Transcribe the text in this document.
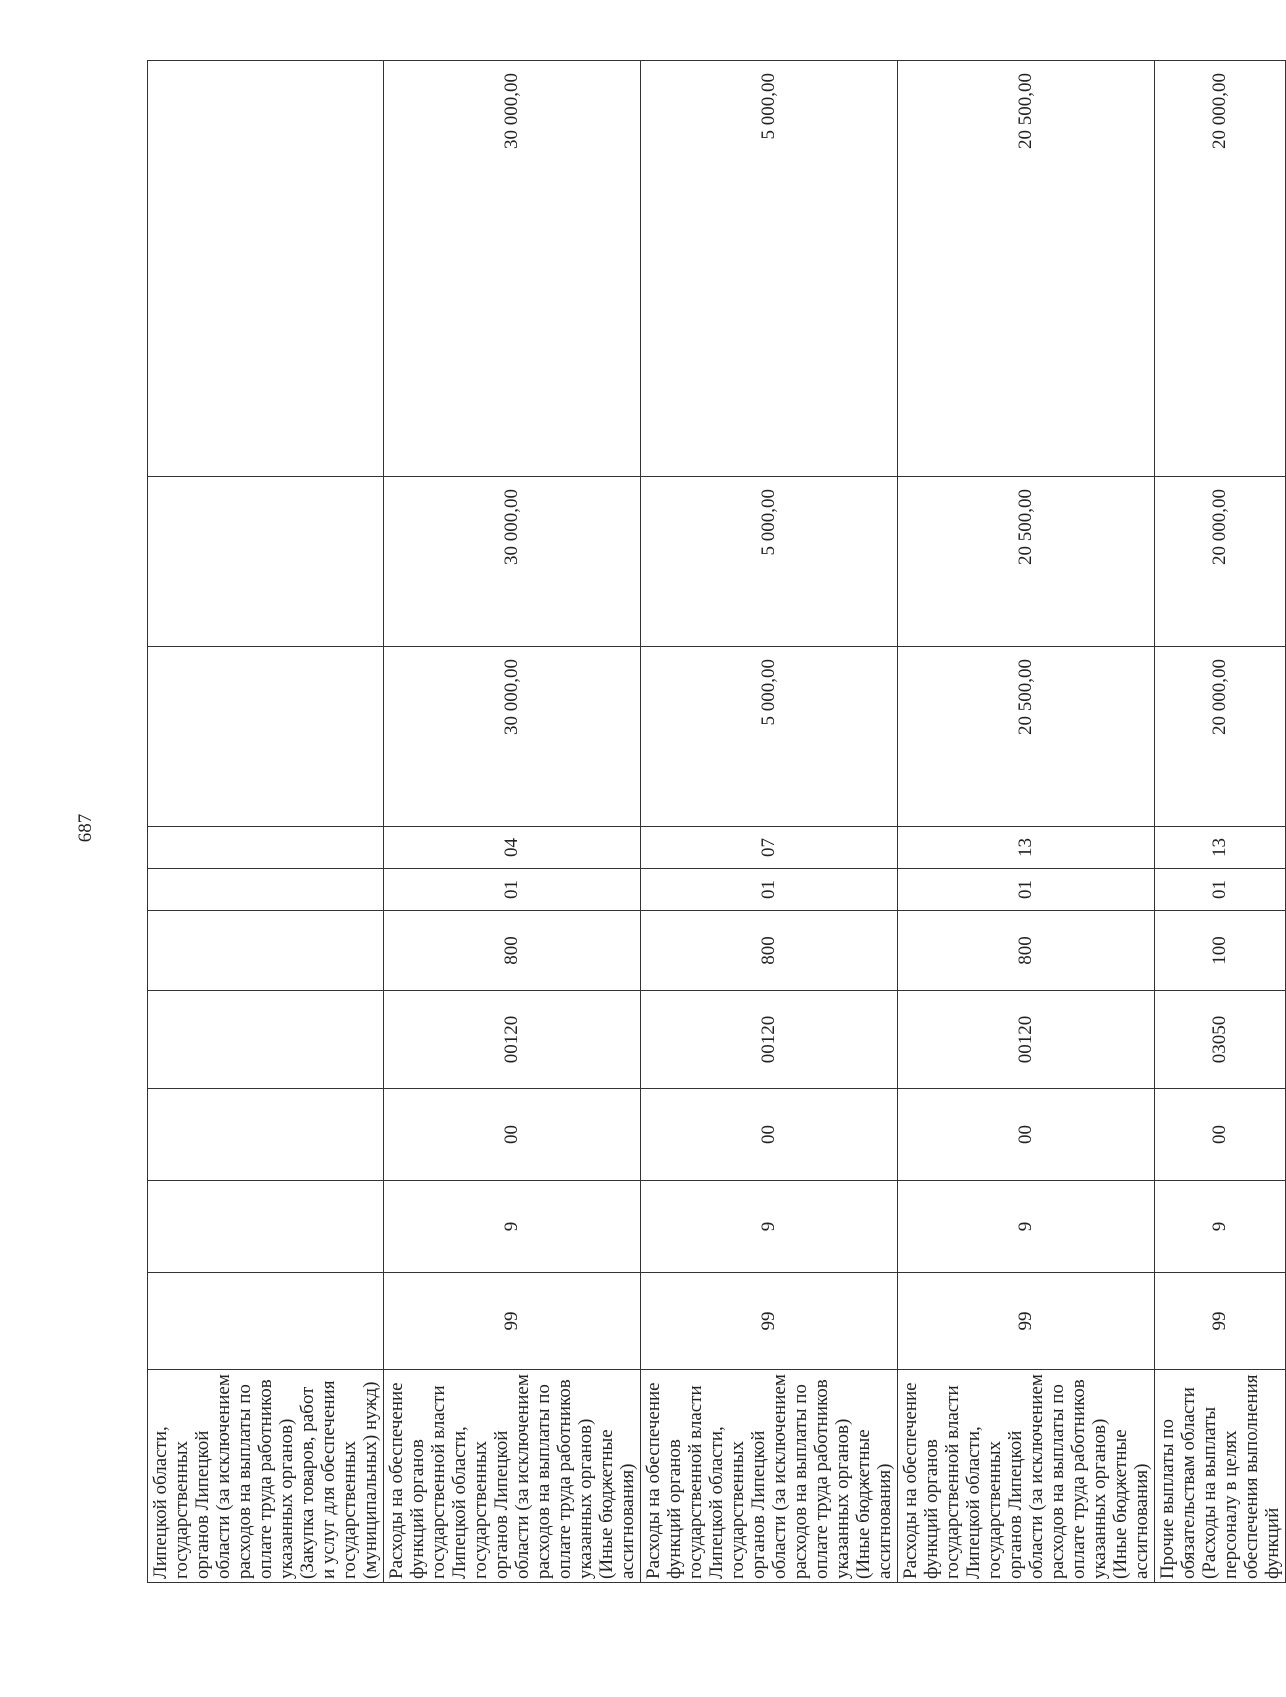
687
Липецкой области, государственных органов Липецкой области (за исключением расходов на выплаты по оплате труда работников указанных органов) (Закупка товаров, работ и услуг для обеспечения государственных (муниципальных) нужд)										
Расходы на обеспечение функций органов государственной власти Липецкой области, государственных органов Липецкой области (за исключением расходов на выплаты по оплате труда работников указанных органов) (Иные бюджетные ассигнования)	99	9	00	00120	800	01	04	30 000,00	30 000,00	30 000,00
Расходы на обеспечение функций органов государственной власти Липецкой области, государственных органов Липецкой области (за исключением расходов на выплаты по оплате труда работников указанных органов) (Иные бюджетные ассигнования)	99	9	00	00120	800	01	07	5 000,00	5 000,00	5 000,00
Расходы на обеспечение функций органов государственной власти Липецкой области, государственных органов Липецкой области (за исключением расходов на выплаты по оплате труда работников указанных органов) (Иные бюджетные ассигнования)	99	9	00	00120	800	01	13	20 500,00	20 500,00	20 500,00
Прочие выплаты по обязательствам области (Расходы на выплаты персоналу в целях обеспечения выполнения функций	99	9	00	03050	100	01	13	20 000,00	20 000,00	20 000,00
